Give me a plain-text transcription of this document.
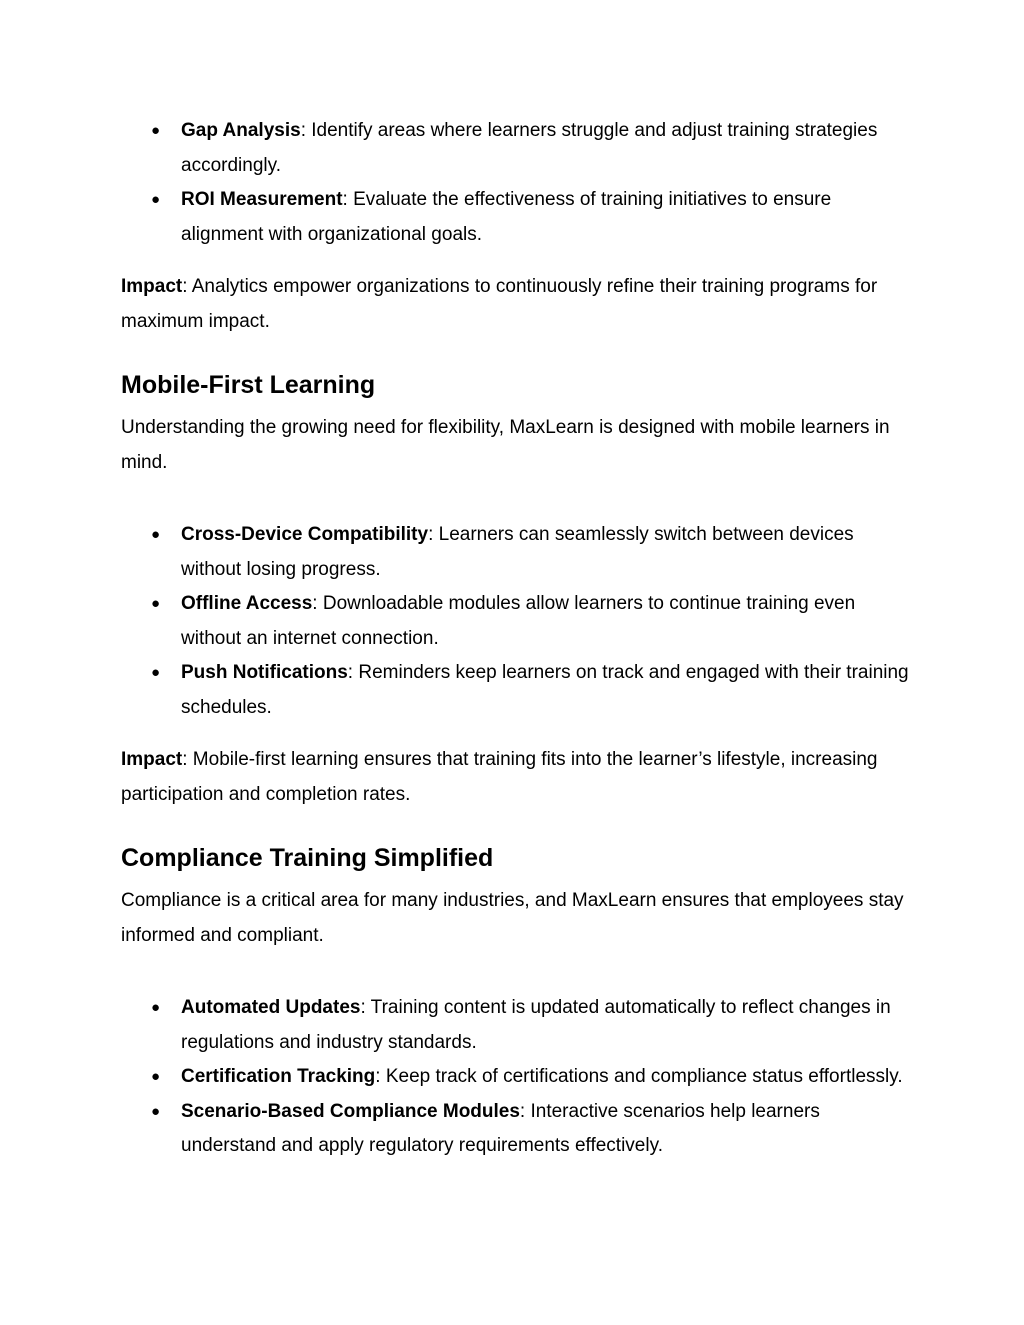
● Gap Analysis: Identify areas where learners struggle and adjust training strategies accordingly.
● ROI Measurement: Evaluate the effectiveness of training initiatives to ensure alignment with organizational goals.

Impact: Analytics empower organizations to continuously refine their training programs for maximum impact.

Mobile-First Learning

Understanding the growing need for flexibility, MaxLearn is designed with mobile learners in mind.

● Cross-Device Compatibility: Learners can seamlessly switch between devices without losing progress.
● Offline Access: Downloadable modules allow learners to continue training even without an internet connection.
● Push Notifications: Reminders keep learners on track and engaged with their training schedules.

Impact: Mobile-first learning ensures that training fits into the learner’s lifestyle, increasing participation and completion rates.

Compliance Training Simplified

Compliance is a critical area for many industries, and MaxLearn ensures that employees stay informed and compliant.

● Automated Updates: Training content is updated automatically to reflect changes in regulations and industry standards.
● Certification Tracking: Keep track of certifications and compliance status effortlessly.
● Scenario-Based Compliance Modules: Interactive scenarios help learners understand and apply regulatory requirements effectively.
